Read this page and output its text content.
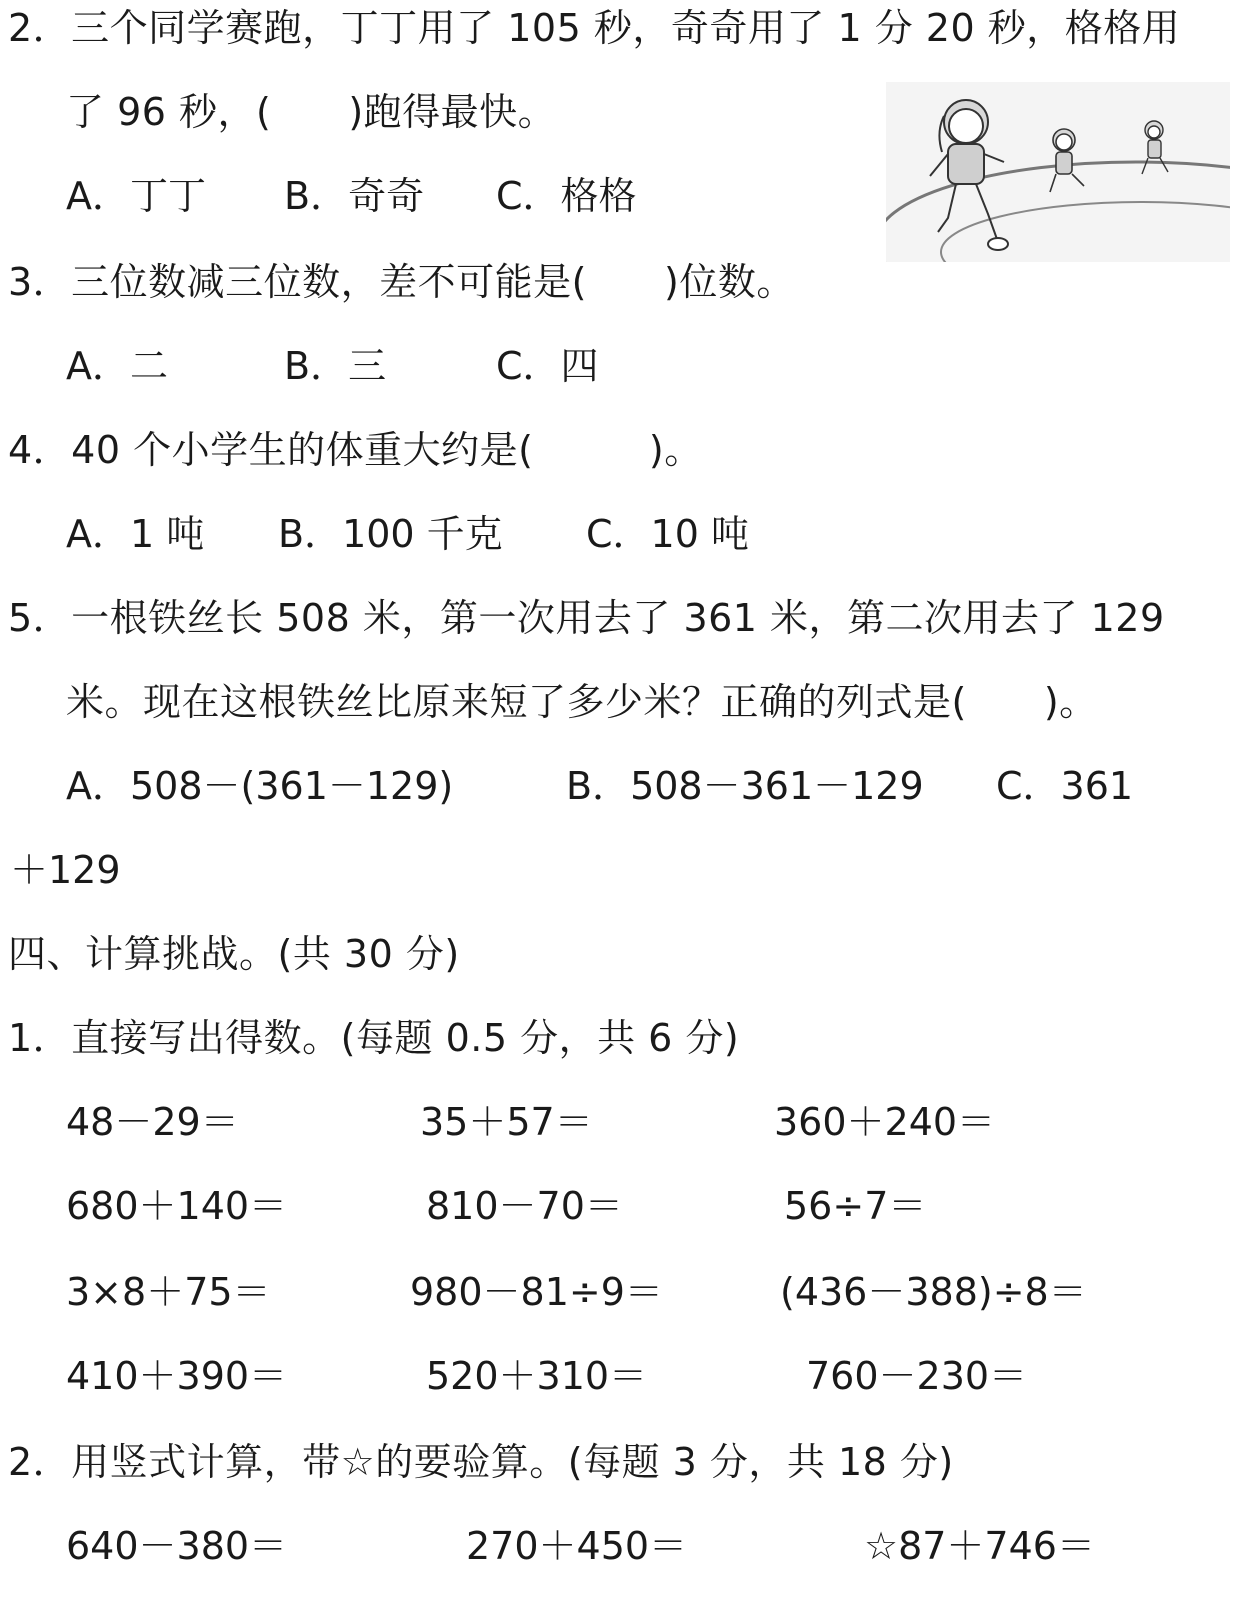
2．三个同学赛跑，丁丁用了 105 秒，奇奇用了 1 分 20 秒，格格用
了 96 秒，(　　)跑得最快。
A．丁丁 B．奇奇 C．格格
3．三位数减三位数，差不可能是(　　)位数。
A．二	B．三	C．四
4．40 个小学生的体重大约是(　　　)。
A．1 吨 B．100 千克 C．10 吨
5．一根铁丝长 508 米，第一次用去了 361 米，第二次用去了 129
米。现在这根铁丝比原来短了多少米？正确的列式是(　　)。
A．508－(361－129)	B．508－361－129 C．361
＋129
四、计算挑战。(共 30 分)
1．直接写出得数。(每题 0.5 分，共 6 分)
48－29＝	35＋57＝	360＋240＝
680＋140＝	810－70＝	56÷7＝
3×8＋75＝	980－81÷9＝	(436－388)÷8＝
410＋390＝	520＋310＝	760－230＝
2．用竖式计算，带☆的要验算。(每题 3 分，共 18 分)
640－380＝	270＋450＝	☆87＋746＝
